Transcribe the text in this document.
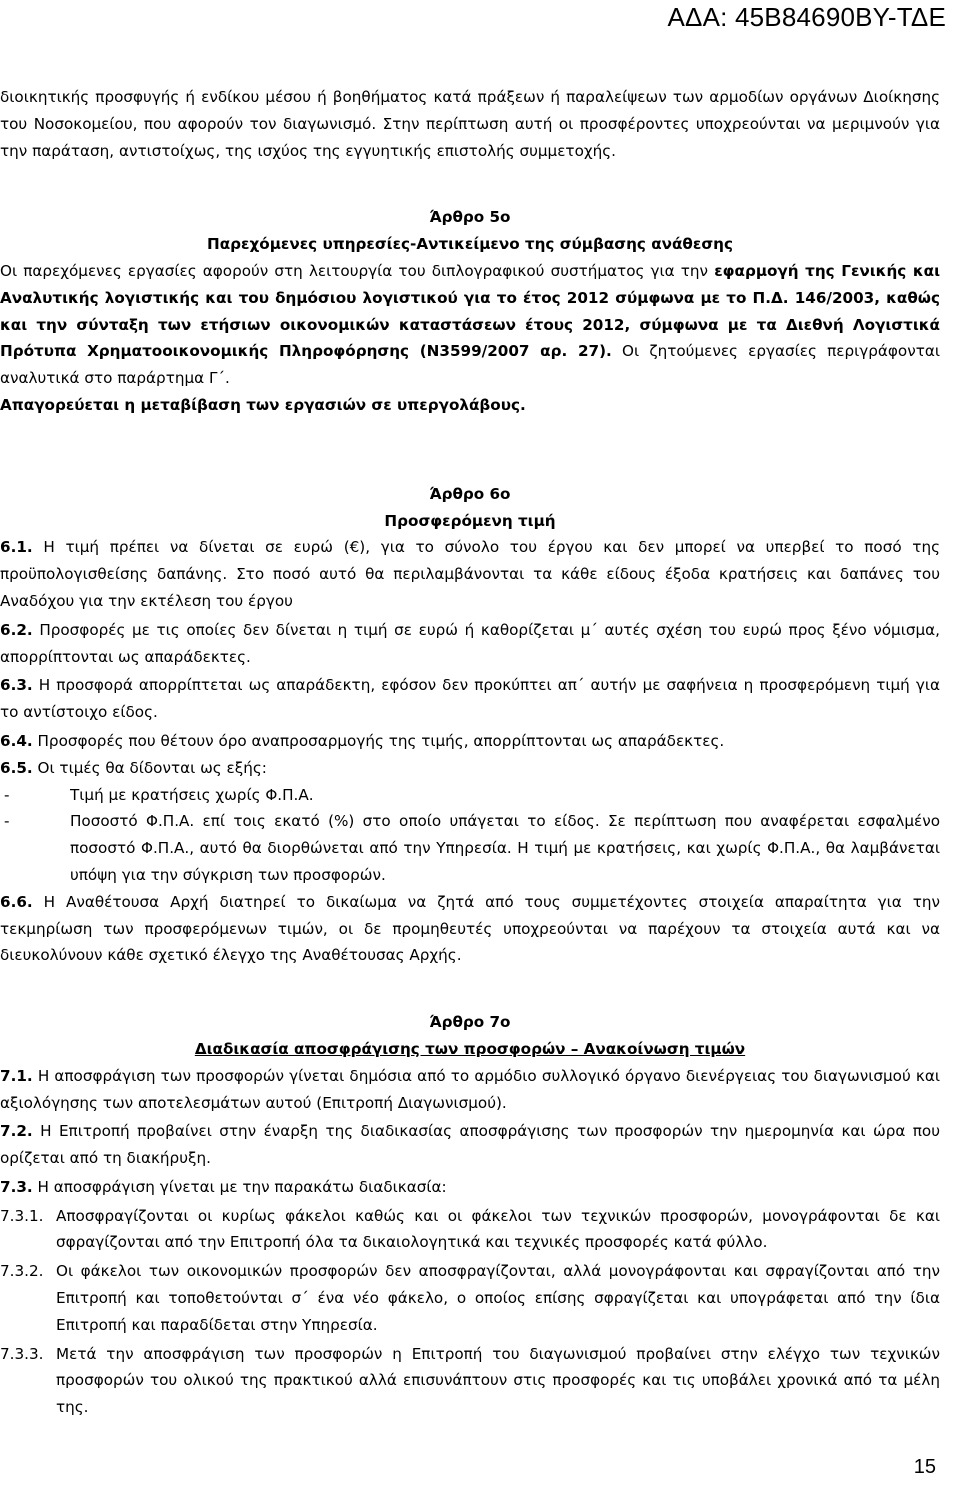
ΑΔΑ: 45Β84690ΒΥ-ΤΔΕ

διοικητικής προσφυγής ή ενδίκου μέσου ή βοηθήματος κατά πράξεων ή παραλείψεων των αρμοδίων οργάνων Διοίκησης του Νοσοκομείου, που αφορούν τον διαγωνισμό. Στην περίπτωση αυτή οι προσφέροντες υποχρεούνται να μεριμνούν για την παράταση, αντιστοίχως, της ισχύος της εγγυητικής επιστολής συμμετοχής.

Άρθρο 5ο

Παρεχόμενες υπηρεσίες-Αντικείμενο της σύμβασης ανάθεσης

Οι παρεχόμενες εργασίες αφορούν στη λειτουργία του διπλογραφικού συστήματος για την εφαρμογή της Γενικής και Αναλυτικής λογιστικής και του δημόσιου λογιστικού για το έτος 2012 σύμφωνα με το Π.Δ. 146/2003, καθώς και την σύνταξη των ετήσιων οικονομικών καταστάσεων έτους 2012, σύμφωνα με τα Διεθνή Λογιστικά Πρότυπα Χρηματοοικονομικής Πληροφόρησης (Ν3599/2007 αρ. 27). Οι ζητούμενες εργασίες περιγράφονται αναλυτικά στο παράρτημα Γ΄.

Απαγορεύεται η μεταβίβαση των εργασιών σε υπεργολάβους.

Άρθρο 6ο

Προσφερόμενη τιμή

6.1. Η τιμή πρέπει να δίνεται σε ευρώ (€), για το σύνολο του έργου και δεν μπορεί να υπερβεί το ποσό της προϋπολογισθείσης δαπάνης. Στο ποσό αυτό θα περιλαμβάνονται τα κάθε είδους έξοδα κρατήσεις και δαπάνες του Αναδόχου για την εκτέλεση του έργου

6.2. Προσφορές με τις οποίες δεν δίνεται η τιμή σε ευρώ ή καθορίζεται μ΄ αυτές σχέση του ευρώ προς ξένο νόμισμα, απορρίπτονται ως απαράδεκτες.

6.3. Η προσφορά απορρίπτεται ως απαράδεκτη, εφόσον δεν προκύπτει απ΄ αυτήν με σαφήνεια η προσφερόμενη τιμή για το αντίστοιχο είδος.

6.4. Προσφορές που θέτουν όρο αναπροσαρμογής της τιμής, απορρίπτονται ως απαράδεκτες.

6.5. Οι τιμές θα δίδονται ως εξής:

-	Τιμή με κρατήσεις χωρίς Φ.Π.Α.
-	Ποσοστό Φ.Π.Α. επί τοις εκατό (%) στο οποίο υπάγεται το είδος. Σε περίπτωση που αναφέρεται εσφαλμένο ποσοστό Φ.Π.Α., αυτό θα διορθώνεται από την Υπηρεσία. Η τιμή με κρατήσεις, και χωρίς Φ.Π.Α., θα λαμβάνεται υπόψη για την σύγκριση των προσφορών.

6.6. Η Αναθέτουσα Αρχή διατηρεί το δικαίωμα να ζητά από τους συμμετέχοντες στοιχεία απαραίτητα για την τεκμηρίωση των προσφερόμενων τιμών, οι δε προμηθευτές υποχρεούνται να παρέχουν τα στοιχεία αυτά και να διευκολύνουν κάθε σχετικό έλεγχο της Αναθέτουσας Αρχής.

Άρθρο 7ο

Διαδικασία αποσφράγισης των προσφορών – Ανακοίνωση τιμών

7.1. Η αποσφράγιση των προσφορών γίνεται δημόσια από το αρμόδιο συλλογικό όργανο διενέργειας του διαγωνισμού και αξιολόγησης των αποτελεσμάτων αυτού (Επιτροπή Διαγωνισμού).

7.2. Η Επιτροπή προβαίνει στην έναρξη της διαδικασίας αποσφράγισης των προσφορών την ημερομηνία και ώρα που ορίζεται από τη διακήρυξη.

7.3. Η αποσφράγιση γίνεται με την παρακάτω διαδικασία:

7.3.1. Αποσφραγίζονται οι κυρίως φάκελοι καθώς και οι φάκελοι των τεχνικών προσφορών, μονογράφονται δε και σφραγίζονται από την Επιτροπή όλα τα δικαιολογητικά και τεχνικές προσφορές κατά φύλλο.
7.3.2. Οι φάκελοι των οικονομικών προσφορών δεν αποσφραγίζονται, αλλά μονογράφονται και σφραγίζονται από την Επιτροπή και τοποθετούνται σ΄ ένα νέο φάκελο, ο οποίος επίσης σφραγίζεται και υπογράφεται από την ίδια Επιτροπή και παραδίδεται στην Υπηρεσία.
7.3.3. Μετά την αποσφράγιση των προσφορών η Επιτροπή του διαγωνισμού προβαίνει στην ελέγχο των τεχνικών προσφορών του ολικού της πρακτικού αλλά επισυνάπτουν στις προσφορές και τις υποβάλει χρονικά από τα μέλη της.
15
